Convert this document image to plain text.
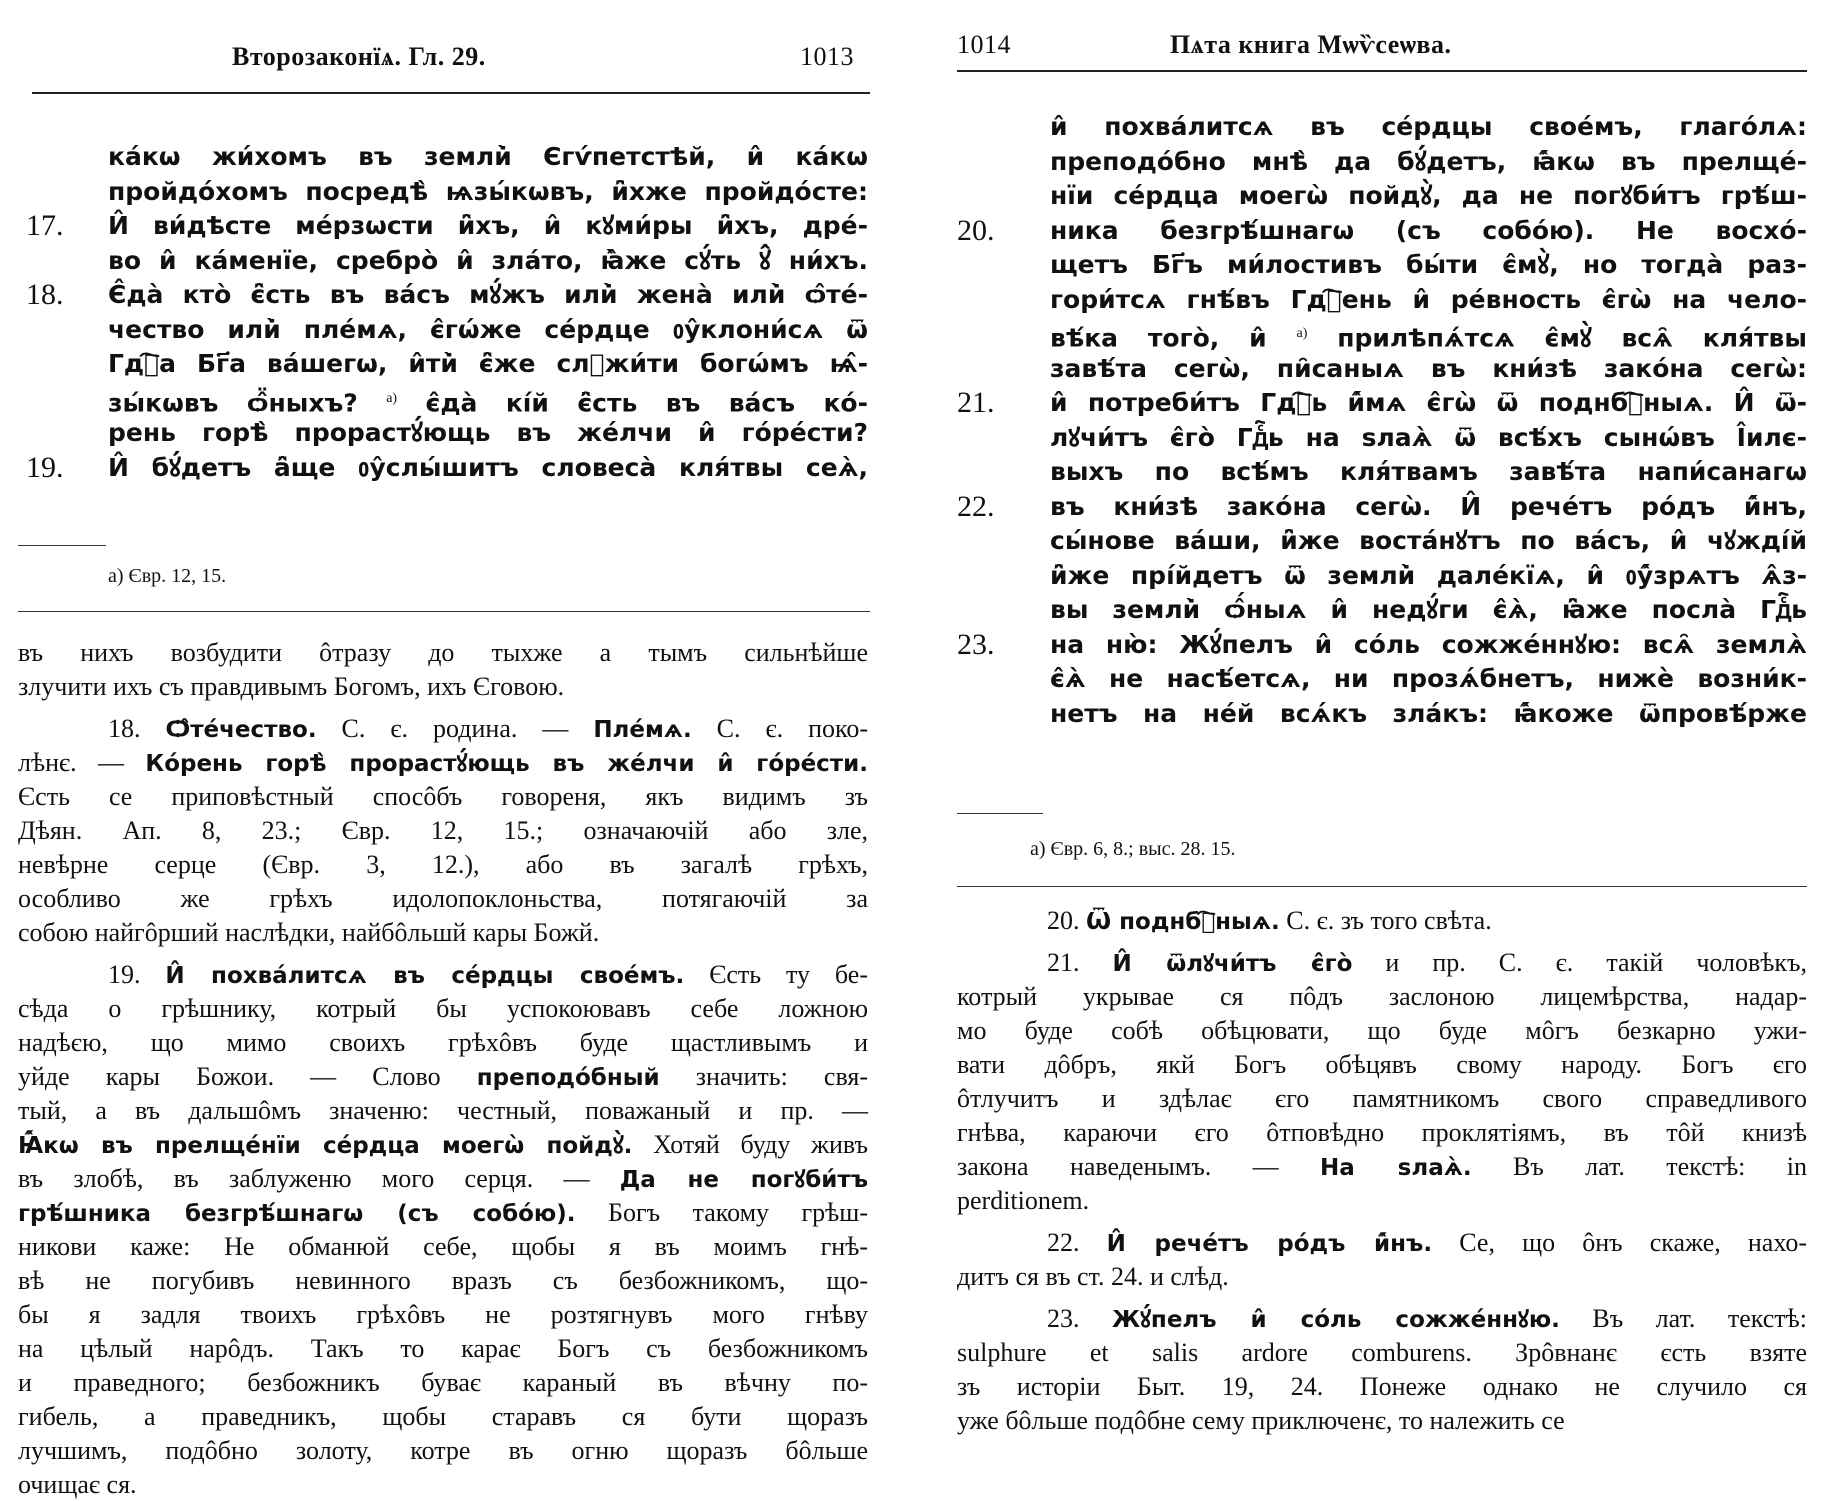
Второзаконїѧ. Гл. 29.	1013
ка́кѡ жи́хомъ въ земли̇̀ Єгѵ́петстѣй, и̂ ка́кѡ
пройдо́хомъ посредѣ̀ ѩзы́кѡвъ, и̂̈хже пройдо́сте:
17. И̂ ви́дѣсте ме́рзѡсти и̂̈хъ, и̂ кꙋми́ры и̂̈хъ, дре́-
во и̂ ка́менїе, сребро̀ и̂ зла́то, ꙗ̂̀же сꙋ́ть ꙋ̂ ни́хъ.
18. Є̂да̀ кто̀ є̂̈сть въ ва́съ мꙋ́жъ или̇̀ жена̀ или̇̀ ѻ̂те́-
чество или̇̀ пле́мѧ, є̂гѡ́же се́рдце ᲂу̂клони́сѧ ѿ
Гдⷭ҇а Бг҃а ва́шегѡ, и̂ти̇̀ є̂̈же слꙋжи́ти богѡ́мъ ѩ̂-
зы́кѡвъ ѻ̂̈ныхъ? $^{а)}$ є̂да̀ кі́й є̂̈сть въ ва́съ ко́-
рень горѣ̀ прорастꙋ́ющь въ же́лчи и̂ го́ре́сти?
19. И̂ бꙋ́детъ а̂̈ще ᲂу̂слы́шитъ словеса̀ кля́твы сеѧ̀,
а) Євр. 12, 15.

въ нихъ возбудити ôтразу до тыхже а тымъ сильнѣйше
злучити ихъ съ правдивымъ Богомъ, ихъ Єговою.

18. Ѻ̂те́чество. С. є. родина. — Пле́мѧ. С. є. поко-
лѣнє. — Ко́рень горѣ̀ прорастꙋ́ющь въ же́лчи и̂ го́ре́сти.
Єсть се приповѣстный спосôбъ говореня, якъ видимъ зъ
Дѣян. Ап. 8, 23.; Євр. 12, 15.; означаючій або зле,
невѣрне серце (Євр. 3, 12.), або въ загалѣ грѣхъ,
особливо же грѣхъ идолопоклоньства, потягаючій за
собою найгôрший наслѣдки, найбôльшй кары Божй.

19. И̂ похва́литсѧ въ се́рдцы свое́мъ. Єсть ту бе-
сѣда о грѣшнику, котрый бы успокоювавъ себе ложною
надѣєю, що мимо своихъ грѣхôвъ буде щастливымъ и
уйде кары Божои. — Слово преподо́бный значить: свя-
тый, а въ дальшôмъ значеню: честный, поважаный и пр. —
Ꙗ̂́кѡ въ прелще́нїи се́рдца моегѡ̀ пойдꙋ̀. Хотяй буду живъ
въ злобѣ, въ заблуженю мого серця. — Да не погꙋби́тъ
грѣ́шника безгрѣ́шнагѡ (съ собо́ю). Богъ такому грѣш-
никови каже: Не обманюй себе, щобы я въ моимъ гнѣ-
вѣ не погубивъ невинного вразъ съ безбожникомъ, що-
бы я задля твоихъ грѣхôвъ не розтягнувъ мого гнѣву
на цѣлый нарôдъ. Такъ то карає Богъ съ безбожникомъ
и праведного; безбожникъ буває караный въ вѣчну по-
гибель, а праведникъ, щобы старавъ ся бути щоразъ
лучшимъ, подôбно золоту, котре въ огню щоразъ бôльше
очищає ся.

1014	Пѧта книга Мѡѷсеѡва.
и̂ похва́литсѧ въ се́рдцы свое́мъ, глаго́лѧ:
преподо́бно мнѣ̀ да бꙋ́детъ, ꙗ̂́кѡ въ прелще́-
нїи се́рдца моегѡ̀ пойдꙋ̀, да не погꙋби́тъ грѣ́ш-
20. ника безгрѣ́шнагѡ (съ собо́ю). Не восхо́-
щетъ Бг҃ъ ми́лостивъ бы́ти є̂мꙋ̀, но тогда̀ раз-
гори́тсѧ гнѣ́въ Гдⷭ҇ень и̂ ре́вность є̂гѡ̀ на чело-
вѣ́ка того̀, и̂ $^{а)}$ прилѣпѧ́тсѧ є̂мꙋ̀ всѧ̑ кля́твы
завѣ́та сегѡ̀, пи̑саныѧ въ кни́зѣ зако́на сегѡ̀:
21. и̂ потреби́тъ Гдⷭ҇ь и̂́мѧ є̂гѡ̀ ѿ поднбⷭ҇ныѧ. И̂ ѿ-
лꙋчи́тъ є̂го̀ Гдⷭ҇ь на ѕлаѧ̀ ѿ всѣ́хъ сынѡ́въ І̂илє-
выхъ по всѣ́мъ кля́твамъ завѣ́та напи́санагѡ
22. въ кни́зѣ зако́на сегѡ̀. И̂ рече́тъ ро́дъ и̂́нъ,
сы́нове ва́ши, и̂̈же воста́нꙋтъ по ва́съ, и̂ чꙋжді́й
и̂̈же прі́йдетъ ѿ земли̇̀ дале́кїѧ, и̂ ᲂу̂́зрѧтъ ѧ̂з-
вы земли̇̀ ѻ̂́ныѧ и̂ недꙋ́ги є̂ѧ̀, ꙗ̂̈же посла̀ Гдⷭ҇ь
23. на ню̀: Жꙋ́пелъ и̂ со́ль сожже́ннꙋю: всѧ̑ землѧ̀
є̂ѧ̀ не насѣ́етсѧ, ни прозѧ́бнетъ, нижѐ возни́к-
нетъ на не́й всѧ́къ зла́къ: ꙗ̂́коже ѿпровѣ́рже
а) Євр. 6, 8.; выс. 28. 15.

20. Ѿ поднбⷭ҇ныѧ. С. є. зъ того свѣта.

21. И̂ ѿлꙋчи́тъ є̂го̀ и пр. С. є. такій чоловѣкъ,
котрый укрывае ся пôдъ заслоною лицемѣрства, надар-
мо буде собѣ обѣцювати, що буде мôгъ безкарно ужи-
вати дôбръ, якй Богъ обѣцявъ свому народу. Богъ єго
ôтлучитъ и здѣлає єго памятникомъ свого справедливого
гнѣва, караючи єго ôтповѣдно проклятіямъ, въ тôй книзѣ
закона наведенымъ. — На ѕлаѧ̀. Въ лат. текстѣ: in
perditionem.

22. И̂ рече́тъ ро́дъ и̂́нъ. Се, що ôнъ скаже, нахо-
дитъ ся въ ст. 24. и слѣд.

23. Жꙋ́пелъ и̂ со́ль сожже́ннꙋю. Въ лат. текстѣ:
sulphure et salis ardore comburens. Зрôвнанє єсть взяте
зъ исторіи Быт. 19, 24. Понеже однако не случило ся
уже бôльше подôбне сему приключенє, то належить се
